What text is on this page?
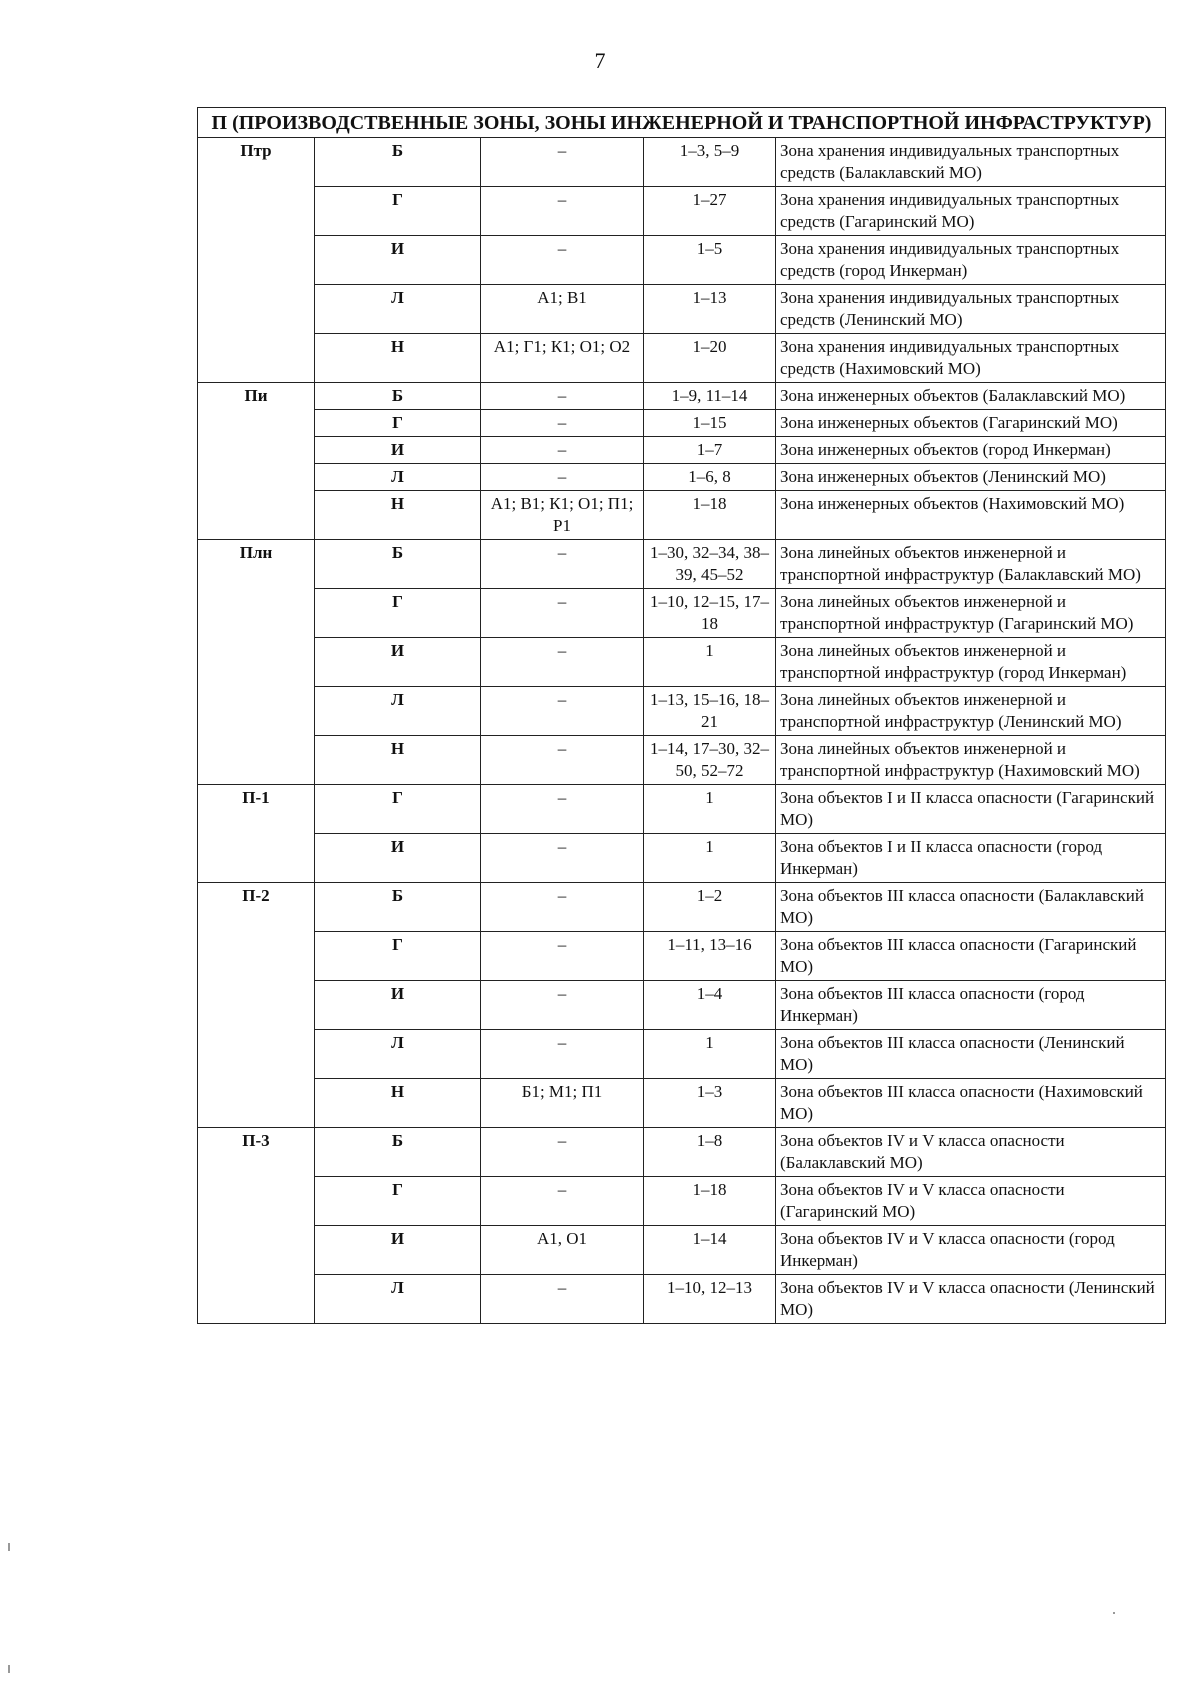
7
П (ПРОИЗВОДСТВЕННЫЕ ЗОНЫ, ЗОНЫ ИНЖЕНЕРНОЙ И ТРАНСПОРТНОЙ ИНФРАСТРУКТУР)				
Птр	Б	–	1–3, 5–9	Зона хранения индивидуальных транспортных средств (Балаклавский МО)
	Г	–	1–27	Зона хранения индивидуальных транспортных средств (Гагаринский МО)
	И	–	1–5	Зона хранения индивидуальных транспортных средств (город Инкерман)
	Л	А1; В1	1–13	Зона хранения индивидуальных транспортных средств (Ленинский МО)
	Н	А1; Г1; К1; О1; О2	1–20	Зона хранения индивидуальных транспортных средств (Нахимовский МО)
Пи	Б	–	1–9, 11–14	Зона инженерных объектов (Балаклавский МО)
	Г	–	1–15	Зона инженерных объектов (Гагаринский МО)
	И	–	1–7	Зона инженерных объектов (город Инкерман)
	Л	–	1–6, 8	Зона инженерных объектов (Ленинский МО)
	Н	А1; В1; К1; О1; П1; Р1	1–18	Зона инженерных объектов (Нахимовский МО)
Плн	Б	–	1–30, 32–34, 38–39, 45–52	Зона линейных объектов инженерной и транспортной инфраструктур (Балаклавский МО)
	Г	–	1–10, 12–15, 17–18	Зона линейных объектов инженерной и транспортной инфраструктур (Гагаринский МО)
	И	–	1	Зона линейных объектов инженерной и транспортной инфраструктур (город Инкерман)
	Л	–	1–13, 15–16, 18–21	Зона линейных объектов инженерной и транспортной инфраструктур (Ленинский МО)
	Н	–	1–14, 17–30, 32–50, 52–72	Зона линейных объектов инженерной и транспортной инфраструктур (Нахимовский МО)
П-1	Г	–	1	Зона объектов I и II класса опасности (Гагаринский МО)
	И	–	1	Зона объектов I и II класса опасности (город Инкерман)
П-2	Б	–	1–2	Зона объектов III класса опасности (Балаклавский МО)
	Г	–	1–11, 13–16	Зона объектов III класса опасности (Гагаринский МО)
	И	–	1–4	Зона объектов III класса опасности (город Инкерман)
	Л	–	1	Зона объектов III класса опасности (Ленинский МО)
	Н	Б1; М1; П1	1–3	Зона объектов III класса опасности (Нахимовский МО)
П-3	Б	–	1–8	Зона объектов IV и V класса опасности (Балаклавский МО)
	Г	–	1–18	Зона объектов IV и V класса опасности (Гагаринский МО)
	И	А1, О1	1–14	Зона объектов IV и V класса опасности (город Инкерман)
	Л	–	1–10, 12–13	Зона объектов IV и V класса опасности (Ленинский МО)
